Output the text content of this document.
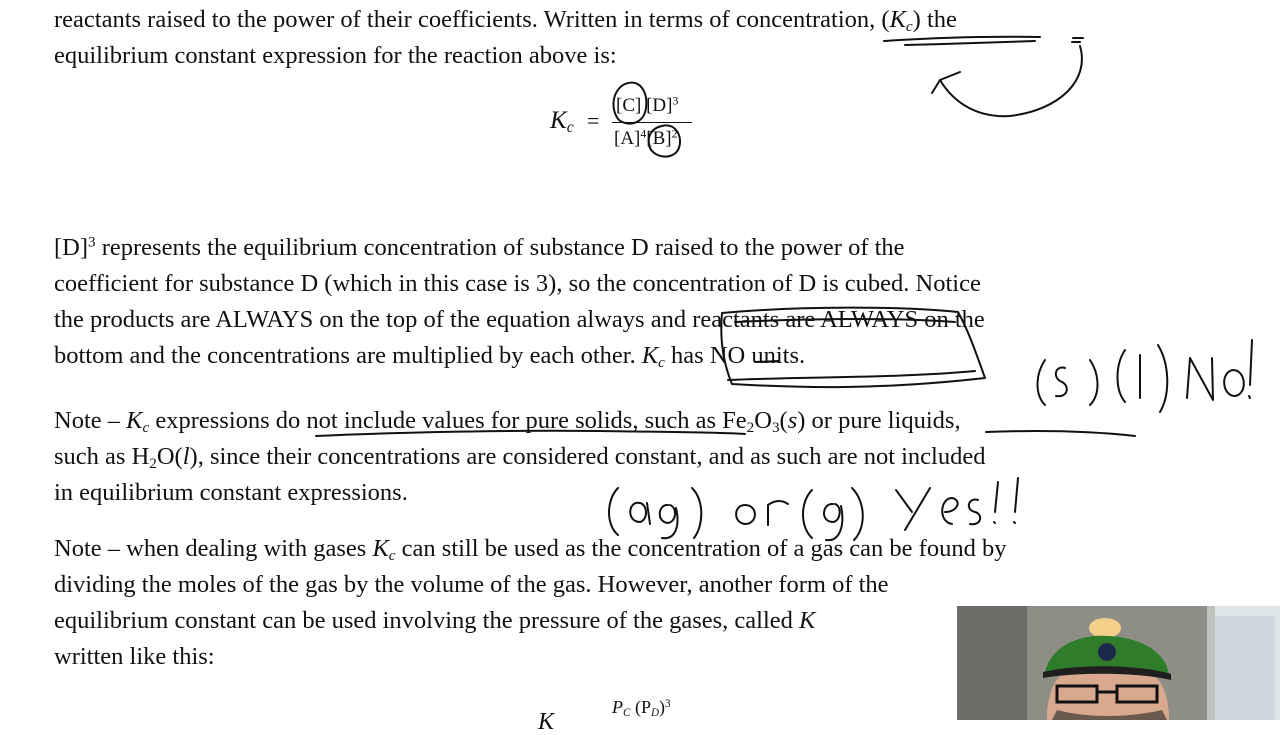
reactants raised to the power of their coefficients. Written in terms of concentration, $(K_c)$ the
equilibrium constant expression for the reaction above is:
$K_c$ =
[C] $[D]^3$
$[A]^4[B]^2$
$[D]^3$ represents the equilibrium concentration of substance D raised to the power of the
coefficient for substance D (which in this case is 3), so the concentration of D is cubed. Notice
the products are ALWAYS on the top of the equation always and reactants are ALWAYS on the
bottom and the concentrations are multiplied by each other. $K_c$ has NO units.
Note – $K_c$ expressions do not include values for pure solids, such as $Fe_2O_3(s)$ or pure liquids,
such as $H_2O(l)$, since their concentrations are considered constant, and as such are not included
in equilibrium constant expressions.
Note – when dealing with gases $K_c$ can still be used as the concentration of a gas can be found by
dividing the moles of the gas by the volume of the gas. However, another form of the
equilibrium constant can be used involving the pressure of the gases, called K
written like this:
K
$P_C$ $(P_D)^3$
